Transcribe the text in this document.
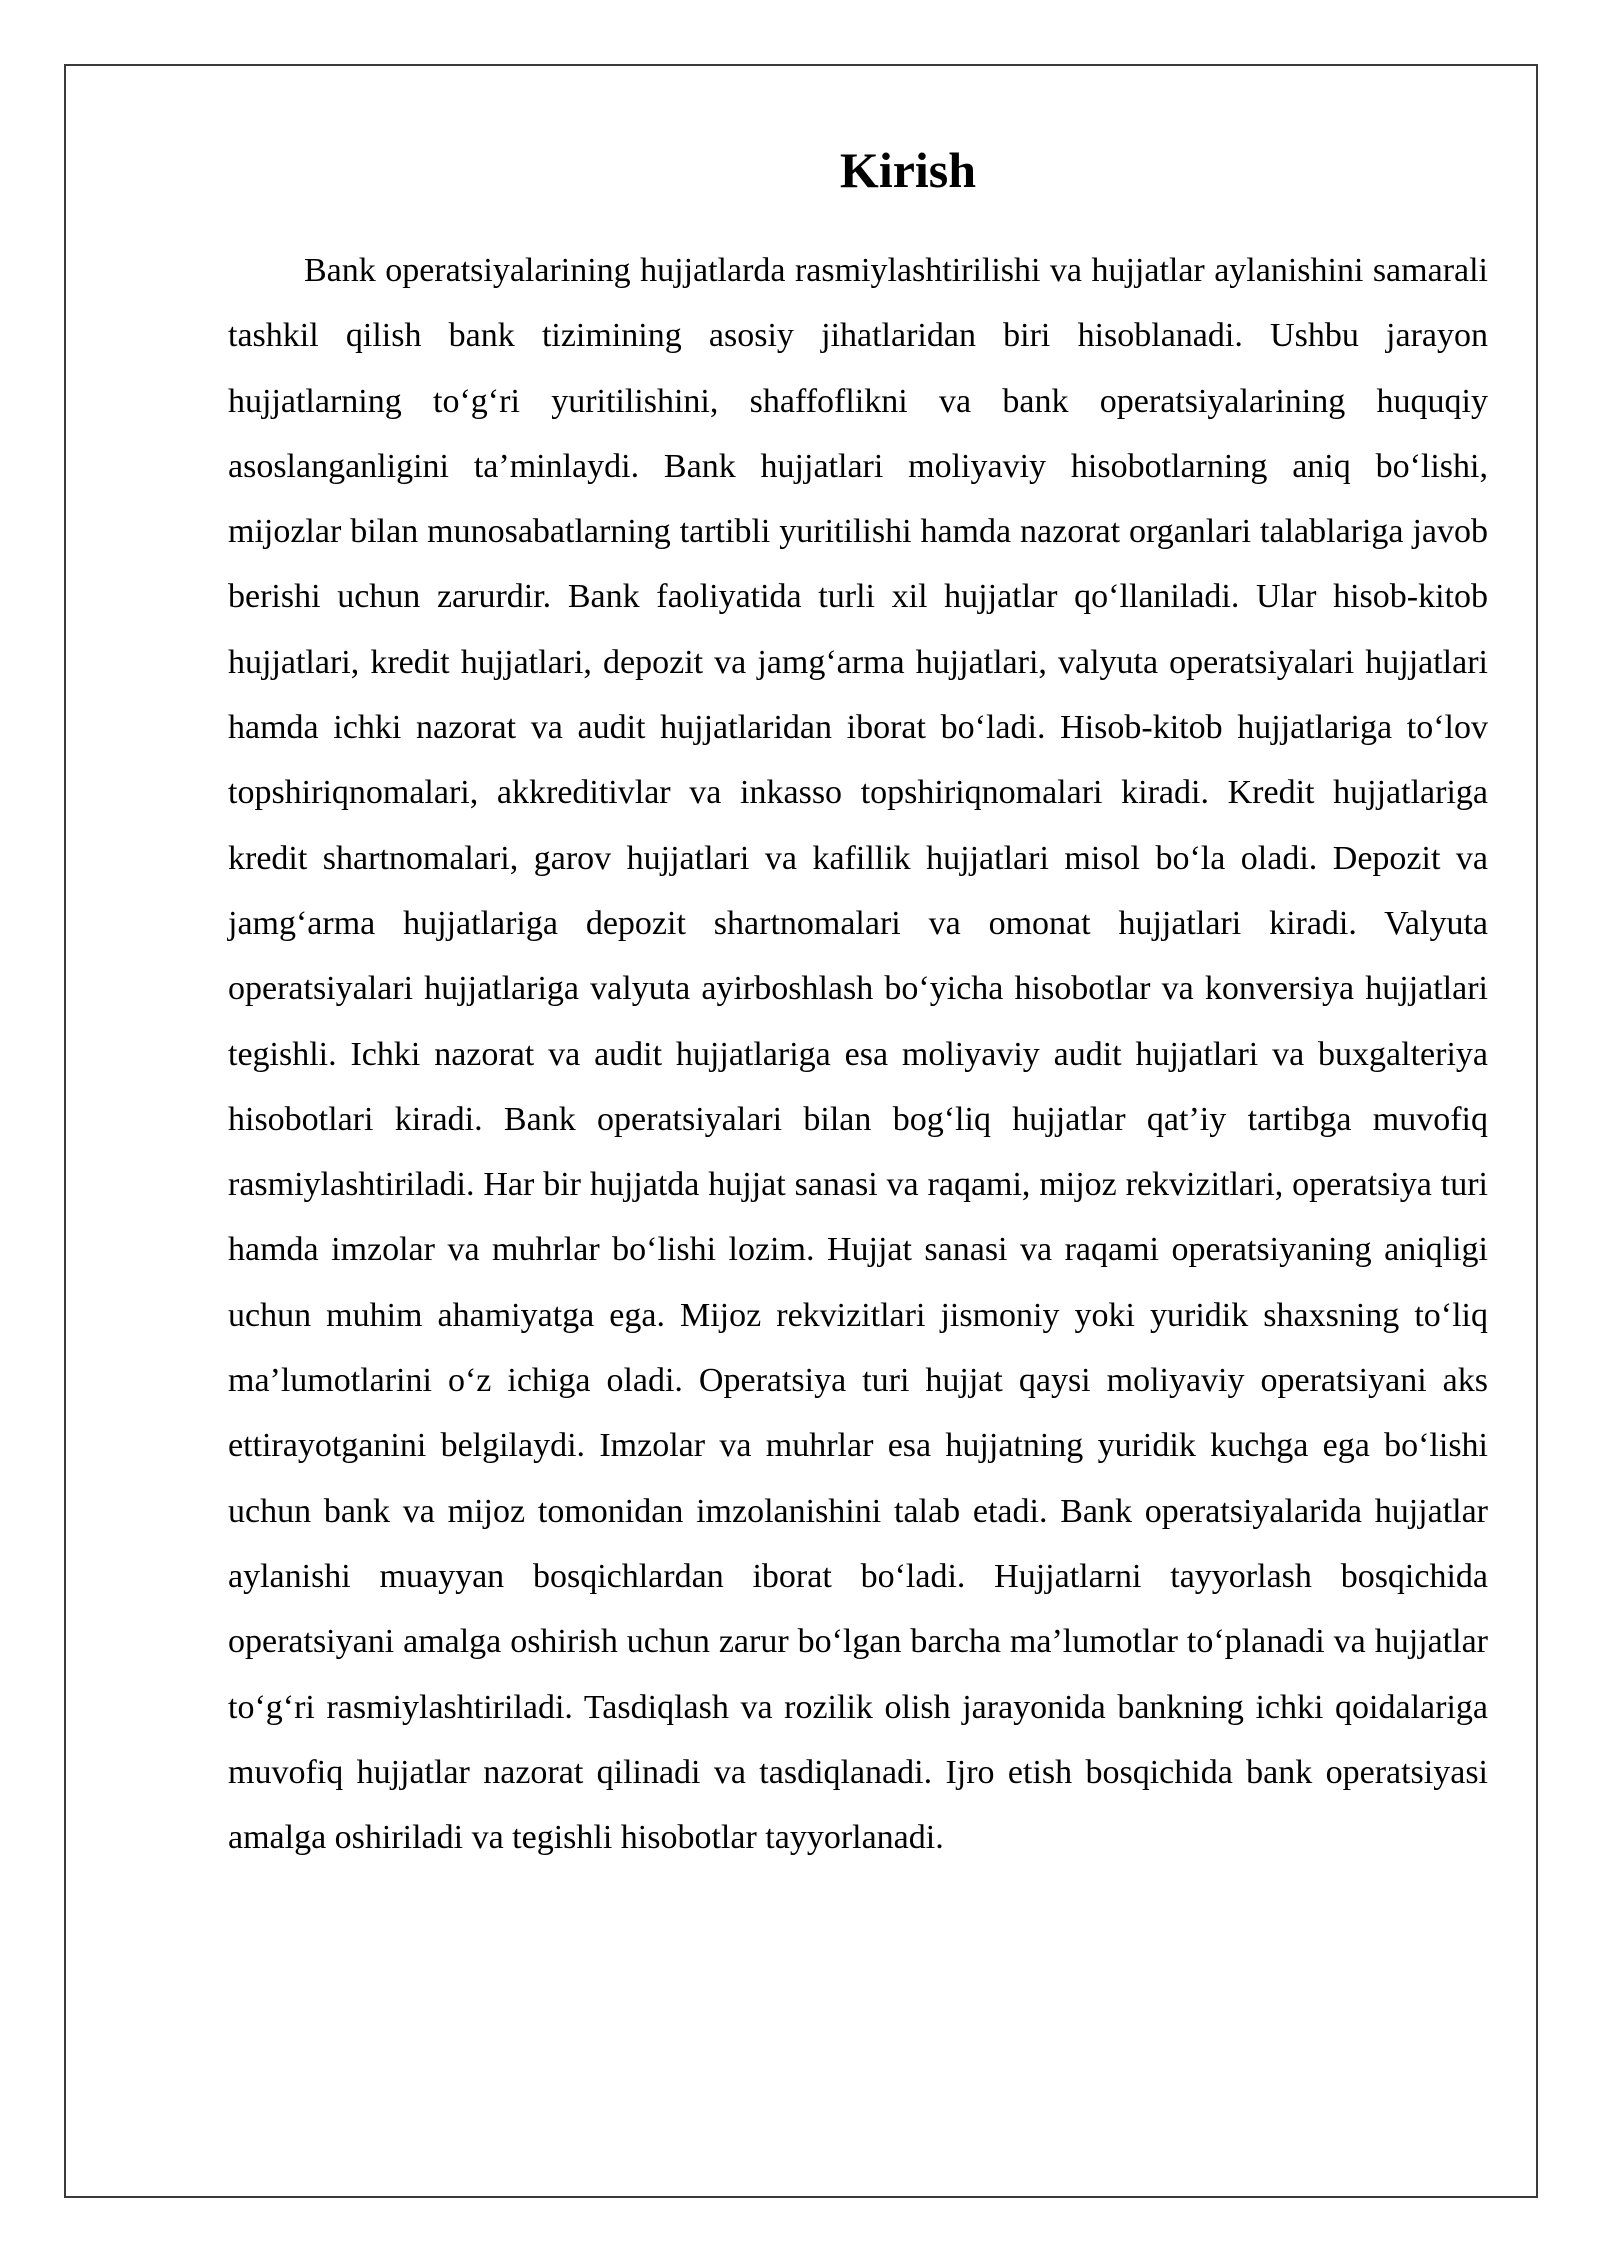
Kirish

Bank operatsiyalarining hujjatlarda rasmiylashtirilishi va hujjatlar aylanishini samarali tashkil qilish bank tizimining asosiy jihatlaridan biri hisoblanadi. Ushbu jarayon hujjatlarning to‘g‘ri yuritilishini, shaffoflikni va bank operatsiyalarining huquqiy asoslanganligini ta’minlaydi. Bank hujjatlari moliyaviy hisobotlarning aniq bo‘lishi, mijozlar bilan munosabatlarning tartibli yuritilishi hamda nazorat organlari talablariga javob berishi uchun zarurdir. Bank faoliyatida turli xil hujjatlar qo‘llaniladi. Ular hisob-kitob hujjatlari, kredit hujjatlari, depozit va jamg‘arma hujjatlari, valyuta operatsiyalari hujjatlari hamda ichki nazorat va audit hujjatlaridan iborat bo‘ladi. Hisob-kitob hujjatlariga to‘lov topshiriqnomalari, akkreditivlar va inkasso topshiriqnomalari kiradi. Kredit hujjatlariga kredit shartnomalari, garov hujjatlari va kafillik hujjatlari misol bo‘la oladi. Depozit va jamg‘arma hujjatlariga depozit shartnomalari va omonat hujjatlari kiradi. Valyuta operatsiyalari hujjatlariga valyuta ayirboshlash bo‘yicha hisobotlar va konversiya hujjatlari tegishli. Ichki nazorat va audit hujjatlariga esa moliyaviy audit hujjatlari va buxgalteriya hisobotlari kiradi. Bank operatsiyalari bilan bog‘liq hujjatlar qat’iy tartibga muvofiq rasmiylashtiriladi. Har bir hujjatda hujjat sanasi va raqami, mijoz rekvizitlari, operatsiya turi hamda imzolar va muhrlar bo‘lishi lozim. Hujjat sanasi va raqami operatsiyaning aniqligi uchun muhim ahamiyatga ega. Mijoz rekvizitlari jismoniy yoki yuridik shaxsning to‘liq ma’lumotlarini o‘z ichiga oladi. Operatsiya turi hujjat qaysi moliyaviy operatsiyani aks ettirayotganini belgilaydi. Imzolar va muhrlar esa hujjatning yuridik kuchga ega bo‘lishi uchun bank va mijoz tomonidan imzolanishini talab etadi. Bank operatsiyalarida hujjatlar aylanishi muayyan bosqichlardan iborat bo‘ladi. Hujjatlarni tayyorlash bosqichida operatsiyani amalga oshirish uchun zarur bo‘lgan barcha ma’lumotlar to‘planadi va hujjatlar to‘g‘ri rasmiylashtiriladi. Tasdiqlash va rozilik olish jarayonida bankning ichki qoidalariga muvofiq hujjatlar nazorat qilinadi va tasdiqlanadi. Ijro etish bosqichida bank operatsiyasi amalga oshiriladi va tegishli hisobotlar tayyorlanadi.
